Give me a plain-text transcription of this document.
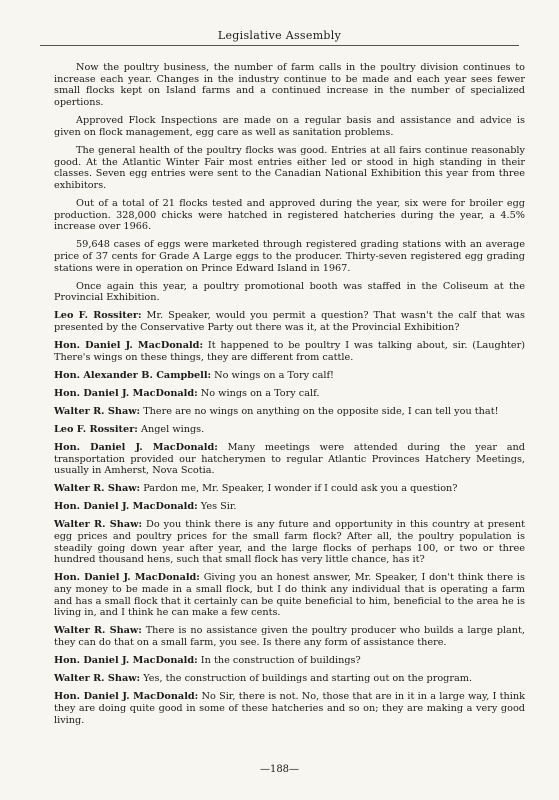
Legislative Assembly

Now the poultry business, the number of farm calls in the poultry division continues to increase each year. Changes in the industry continue to be made and each year sees fewer small flocks kept on Island farms and a continued increase in the number of specialized opertions.

Approved Flock Inspections are made on a regular basis and assistance and advice is given on flock management, egg care as well as sanitation problems.

The general health of the poultry flocks was good. Entries at all fairs continue reasonably good. At the Atlantic Winter Fair most entries either led or stood in high standing in their classes. Seven egg entries were sent to the Canadian National Exhibition this year from three exhibitors.

Out of a total of 21 flocks tested and approved during the year, six were for broiler egg production. 328,000 chicks were hatched in registered hatcheries during the year, a 4.5% increase over 1966.

59,648 cases of eggs were marketed through registered grading stations with an average price of 37 cents for Grade A Large eggs to the producer. Thirty-seven registered egg grading stations were in operation on Prince Edward Island in 1967.

Once again this year, a poultry promotional booth was staffed in the Coliseum at the Provincial Exhibition.

Leo F. Rossiter: Mr. Speaker, would you permit a question? That wasn't the calf that was presented by the Conservative Party out there was it, at the Provincial Exhibition?

Hon. Daniel J. MacDonald: It happened to be poultry I was talking about, sir. (Laughter) There's wings on these things, they are different from cattle.

Hon. Alexander B. Campbell: No wings on a Tory calf!

Hon. Daniel J. MacDonald: No wings on a Tory calf.

Walter R. Shaw: There are no wings on anything on the opposite side, I can tell you that!

Leo F. Rossiter: Angel wings.

Hon. Daniel J. MacDonald: Many meetings were attended during the year and transportation provided our hatcherymen to regular Atlantic Provinces Hatchery Meetings, usually in Amherst, Nova Scotia.

Walter R. Shaw: Pardon me, Mr. Speaker, I wonder if I could ask you a question?

Hon. Daniel J. MacDonald: Yes Sir.

Walter R. Shaw: Do you think there is any future and opportunity in this country at present egg prices and poultry prices for the small farm flock? After all, the poultry population is steadily going down year after year, and the large flocks of perhaps 100, or two or three hundred thousand hens, such that small flock has very little chance, has it?

Hon. Daniel J. MacDonald: Giving you an honest answer, Mr. Speaker, I don't think there is any money to be made in a small flock, but I do think any individual that is operating a farm and has a small flock that it certainly can be quite beneficial to him, beneficial to the area he is living in, and I think he can make a few cents.

Walter R. Shaw: There is no assistance given the poultry producer who builds a large plant, they can do that on a small farm, you see. Is there any form of assistance there.

Hon. Daniel J. MacDonald: In the construction of buildings?

Walter R. Shaw: Yes, the construction of buildings and starting out on the program.

Hon. Daniel J. MacDonald: No Sir, there is not. No, those that are in it in a large way, I think they are doing quite good in some of these hatcheries and so on; they are making a very good living.

—188—
